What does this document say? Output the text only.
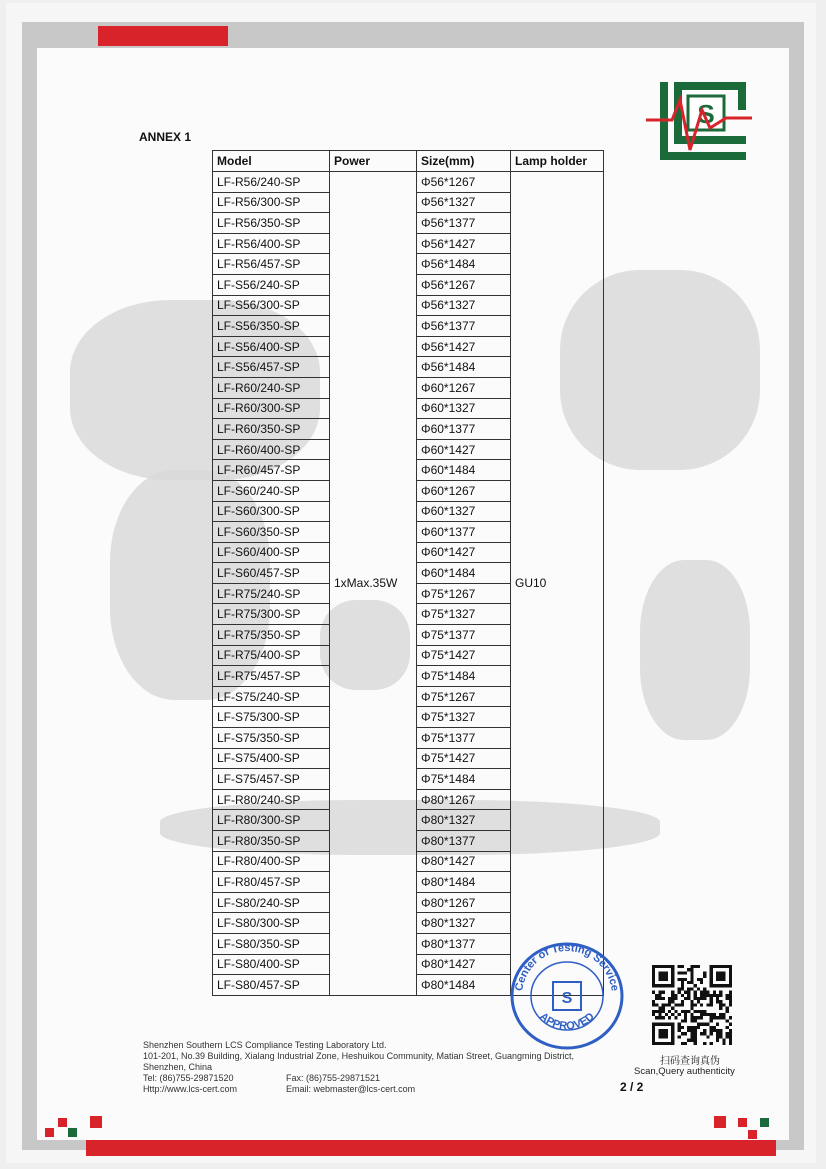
S
ANNEX 1
Model	Power	Size(mm)	Lamp holder
LF-R56/240-SP	1xMax.35W	Φ56*1267	GU10
LF-R56/300-SP		Φ56*1327	
LF-R56/350-SP		Φ56*1377	
LF-R56/400-SP		Φ56*1427	
LF-R56/457-SP		Φ56*1484	
LF-S56/240-SP		Φ56*1267	
LF-S56/300-SP		Φ56*1327	
LF-S56/350-SP		Φ56*1377	
LF-S56/400-SP		Φ56*1427	
LF-S56/457-SP		Φ56*1484	
LF-R60/240-SP		Φ60*1267	
LF-R60/300-SP		Φ60*1327	
LF-R60/350-SP		Φ60*1377	
LF-R60/400-SP		Φ60*1427	
LF-R60/457-SP		Φ60*1484	
LF-S60/240-SP		Φ60*1267	
LF-S60/300-SP		Φ60*1327	
LF-S60/350-SP		Φ60*1377	
LF-S60/400-SP		Φ60*1427	
LF-S60/457-SP		Φ60*1484	
LF-R75/240-SP		Φ75*1267	
LF-R75/300-SP		Φ75*1327	
LF-R75/350-SP		Φ75*1377	
LF-R75/400-SP		Φ75*1427	
LF-R75/457-SP		Φ75*1484	
LF-S75/240-SP		Φ75*1267	
LF-S75/300-SP		Φ75*1327	
LF-S75/350-SP		Φ75*1377	
LF-S75/400-SP		Φ75*1427	
LF-S75/457-SP		Φ75*1484	
LF-R80/240-SP		Φ80*1267	
LF-R80/300-SP		Φ80*1327	
LF-R80/350-SP		Φ80*1377	
LF-R80/400-SP		Φ80*1427	
LF-R80/457-SP		Φ80*1484	
LF-S80/240-SP		Φ80*1267	
LF-S80/300-SP		Φ80*1327	
LF-S80/350-SP		Φ80*1377	
LF-S80/400-SP		Φ80*1427	
LF-S80/457-SP		Φ80*1484		Center of Testing Service
APPROVED
S
扫码查询真伪
Scan,Query authenticity
Shenzhen Southern LCS Compliance Testing Laboratory Ltd.
101-201, No.39 Building, Xialang Industrial Zone, Heshuikou Community, Matian Street, Guangming District,
Shenzhen, China
Tel: (86)755-29871520	Fax: (86)755-29871521
Http://www.lcs-cert.com	Email: webmaster@lcs-cert.com	2 / 2
